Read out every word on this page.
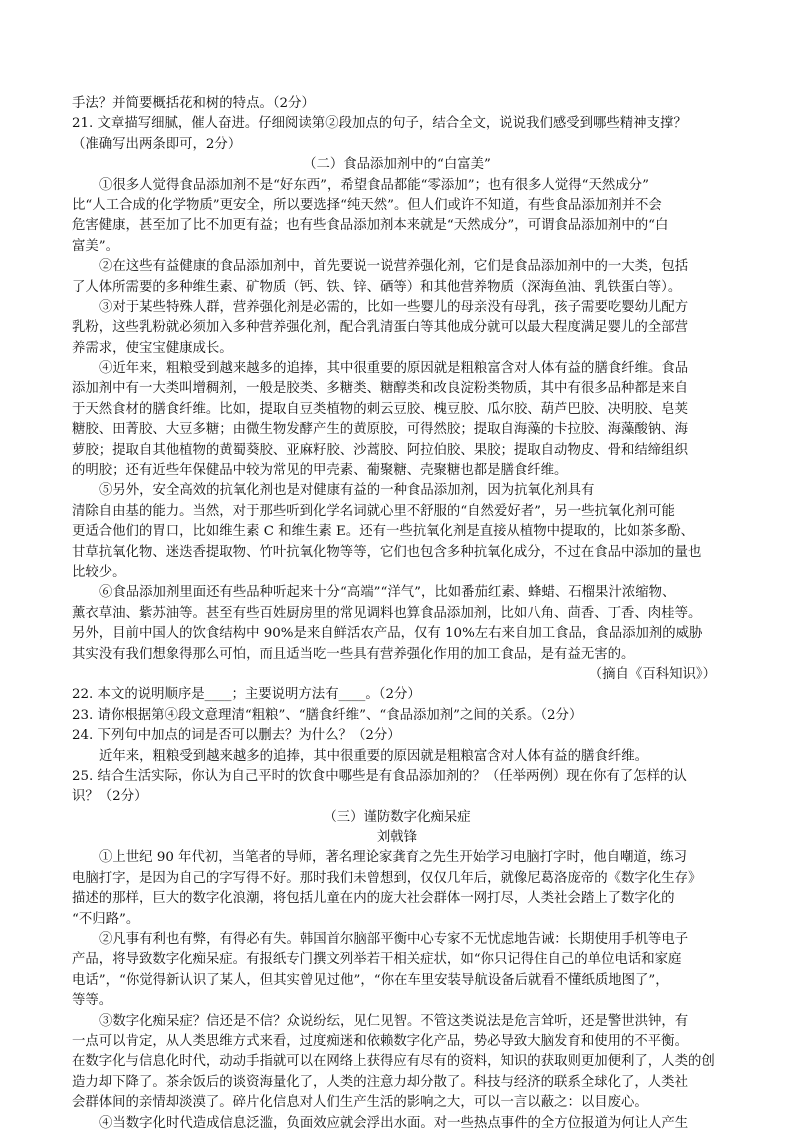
手法？并简要概括花和树的特点。（2分）
21. 文章描写细腻，催人奋进。仔细阅读第②段加点的句子，结合全文，说说我们感受到哪些精神支撑？
（准确写出两条即可，2分）
（二）食品添加剂中的“白富美”
①很多人觉得食品添加剂不是“好东西”，希望食品都能“零添加”；也有很多人觉得“天然成分”
比“人工合成的化学物质”更安全，所以要选择“纯天然”。但人们或许不知道，有些食品添加剂并不会
危害健康，甚至加了比不加更有益；也有些食品添加剂本来就是“天然成分”，可谓食品添加剂中的“白
富美”。
②在这些有益健康的食品添加剂中，首先要说一说营养强化剂，它们是食品添加剂中的一大类，包括
了人体所需要的多种维生素、矿物质（钙、铁、锌、硒等）和其他营养物质（深海鱼油、乳铁蛋白等）。
③对于某些特殊人群，营养强化剂是必需的，比如一些婴儿的母亲没有母乳，孩子需要吃婴幼儿配方
乳粉，这些乳粉就必须加入多种营养强化剂，配合乳清蛋白等其他成分就可以最大程度满足婴儿的全部营
养需求，使宝宝健康成长。
④近年来，粗粮受到越来越多的追捧，其中很重要的原因就是粗粮富含对人体有益的膳食纤维。食品
添加剂中有一大类叫增稠剂，一般是胶类、多糖类、糖醇类和改良淀粉类物质，其中有很多品种都是来自
于天然食材的膳食纤维。比如，提取自豆类植物的刺云豆胶、槐豆胶、瓜尔胶、葫芦巴胶、决明胶、皂荚
糖胶、田菁胶、大豆多糖；由微生物发酵产生的黄原胶，可得然胶；提取自海藻的卡拉胶、海藻酸钠、海
萝胶；提取自其他植物的黄蜀葵胶、亚麻籽胶、沙蒿胶、阿拉伯胶、果胶；提取自动物皮、骨和结缔组织
的明胶；还有近些年保健品中较为常见的甲壳素、葡聚糖、壳聚糖也都是膳食纤维。
⑤另外，安全高效的抗氧化剂也是对健康有益的一种食品添加剂，因为抗氧化剂具有
清除自由基的能力。当然，对于那些听到化学名词就心里不舒服的“自然爱好者”，另一些抗氧化剂可能
更适合他们的胃口，比如维生素 C 和维生素 E。还有一些抗氧化剂是直接从植物中提取的，比如茶多酚、
甘草抗氧化物、迷迭香提取物、竹叶抗氧化物等等，它们也包含多种抗氧化成分，不过在食品中添加的量也
比较少。
⑥食品添加剂里面还有些品种听起来十分“高端”“洋气”，比如番茄红素、蜂蜡、石榴果汁浓缩物、
薰衣草油、紫苏油等。甚至有些百姓厨房里的常见调料也算食品添加剂，比如八角、茴香、丁香、肉桂等。
另外，目前中国人的饮食结构中 90%是来自鲜活农产品，仅有 10%左右来自加工食品，食品添加剂的威胁
其实没有我们想象得那么可怕，而且适当吃一些具有营养强化作用的加工食品，是有益无害的。
（摘自《百科知识》）
22. 本文的说明顺序是____；主要说明方法有____。（2分）
23. 请你根据第④段文意理清“粗粮”、“膳食纤维”、“食品添加剂”之间的关系。（2分）
24. 下列句中加点的词是否可以删去？为什么？（2分）
近年来，粗粮受到越来越多的追捧，其中很重要的原因就是粗粮富含对人体有益的膳食纤维。
25. 结合生活实际，你认为自己平时的饮食中哪些是有食品添加剂的？（任举两例）现在你有了怎样的认
识？（2分）
（三）谨防数字化痴呆症
刘戟锋
①上世纪 90 年代初，当笔者的导师，著名理论家龚育之先生开始学习电脑打字时，他自嘲道，练习
电脑打字，是因为自己的字写得不好。那时我们未曾想到，仅仅几年后，就像尼葛洛庞帝的《数字化生存》
描述的那样，巨大的数字化浪潮，将包括儿童在内的庞大社会群体一网打尽，人类社会踏上了数字化的
“不归路”。
②凡事有利也有弊，有得必有失。韩国首尔脑部平衡中心专家不无忧虑地告诫：长期使用手机等电子
产品，将导致数字化痴呆症。有报纸专门撰文列举若干相关症状，如“你只记得住自己的单位电话和家庭
电话”，“你觉得新认识了某人，但其实曾见过他”，“你在车里安装导航设备后就看不懂纸质地图了”，
等等。
③数字化痴呆症？信还是不信？众说纷纭，见仁见智。不管这类说法是危言耸听，还是警世洪钟，有
一点可以肯定，从人类思维方式来看，过度痴迷和依赖数字化产品，势必导致大脑发育和使用的不平衡。
在数字化与信息化时代，动动手指就可以在网络上获得应有尽有的资料，知识的获取则更加便利了，人类的创
造力却下降了。茶余饭后的谈资海量化了，人类的注意力却分散了。科技与经济的联系全球化了，人类社
会群体间的亲情却淡漠了。碎片化信息对人们生产生活的影响之大，可以一言以蔽之：以目废心。
④当数字化时代造成信息泛滥，负面效应就会浮出水面。对一些热点事件的全方位报道为何让人产生
